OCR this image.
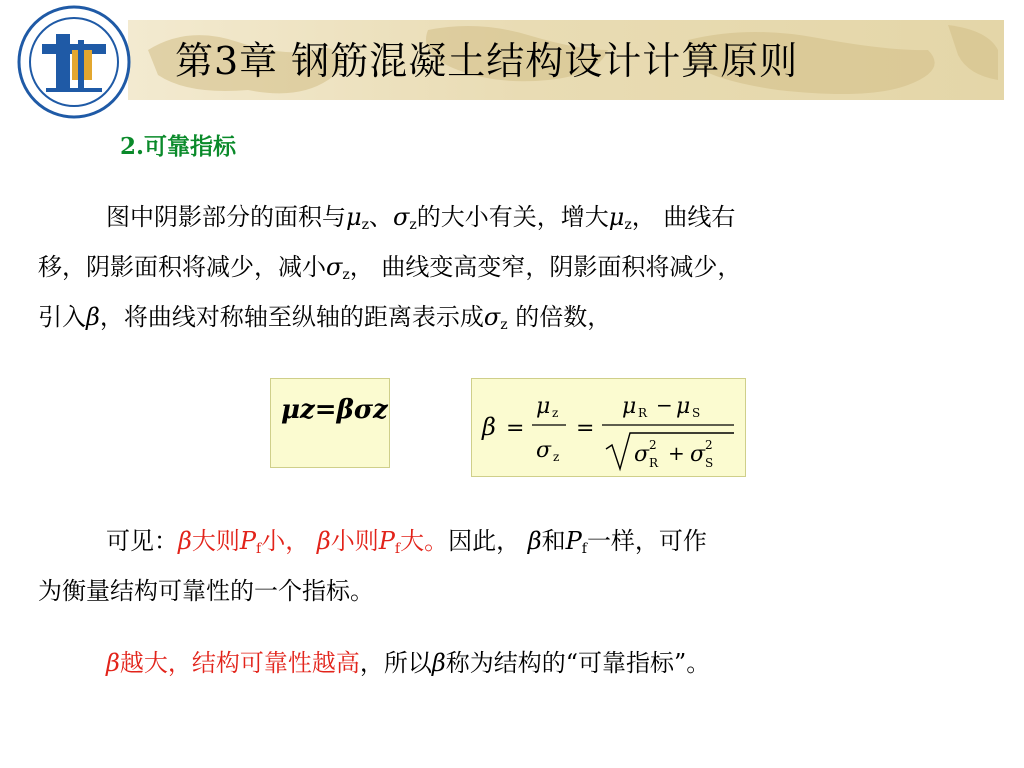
第3章 钢筋混凝土结构设计计算原则
2.可靠指标
图中阴影部分的面积与$\mu_z$、$\sigma_z$的大小有关，增大$\mu_z$， 曲线右
移，阴影面积将减少，减小$\sigma_z$， 曲线变高变窄，阴影面积将减少，
引入β，将曲线对称轴至纵轴的距离表示成$\sigma_z$ 的倍数，
μz=βσz
β =
μ z
σ z
=
μ R − μ S
σ 2
R + σ 2
S
可见：β大则$P_f$小， β小则$P_f$大。因此， β和$P_f$一样，可作
为衡量结构可靠性的一个指标。
β越大，结构可靠性越高，所以β称为结构的“可靠指标”。
